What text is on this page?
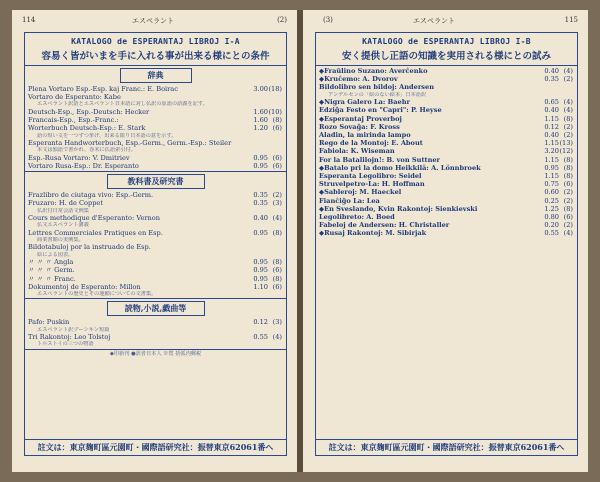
114	エスペラント	(2)
KATALOGO de ESPERANTAJ LIBROJ I-A
容易く皆がいまを手に入れる事が出来る様にとの条件
辞典
Plena Vortaro Esp.-Esp. kaj Franc.: E. Boirac	3.00 (18)
Vortaro de Esperanto: Kabe
エスペラント訳語とエスペラント日本語に対し仏訳の原語の語義を記す。
Deutsch-Esp., Esp.-Deutsch: Hecker	1.60 (10)
Francais-Esp., Esp.-Franc.:	1.60 (8)
Worterbuch Deutsch-Esp.: E. Stark	1.20 (6)
語の短い文を一つずつ挙げ、出来る限り日本語の意を示す。
Esperanta Handworterbuch, Esp.-Germ., Germ.-Esp.: Steiler
本文は独語で書かれ、巻末に仏語索引付。
Esp.-Rusa Vortaro: V. Dmitriev	0.95 (6)
Vortaro Rusa-Esp.: Dr. Esperanto	0.95 (6)
教科書及研究書
Frazlibro de ciutaga vivo: Esp.-Germ.	0.35 (2)
Fruzaro: H. de Coppet	0.35 (3)
仏訳付日常会話文例集
Cours methodique d'Esperanto: Vernon	0.40 (4)
仏文エスペラント講義
Lettres Commerciales Pratiques en Esp.	0.95 (8)
商業書簡の実例集。
Bildotabuloj por la instruado de Esp.
絵による図表。
〃 〃 〃 Angla	0.95 (8)
〃 〃 〃 Germ.	0.95 (6)
〃 〃 〃 Franc.	0.95 (8)
Dokumentoj de Esperanto: Millon	1.10 (6)
エスペラントの歴史とその運動についての文書集。
読物,小説,戯曲等
Pafo: Puskin	0.12 (3)
エスペラント訳プーシキン短篇
Tri Rakontoj: Leo Tolstoj	0.55 (4)
トルストイの三つの物語
◆印新刊 ●訳者日本人 ※賞 括弧内郵税
註文は：東京麹町區元園町・國際語研究社：振替東京62061番へ
(3)	エスペラント	115
KATALOGO de ESPERANTAJ LIBROJ I-B
安く提供し正語の知識を実用される様にとの試み
◆Fraŭlino Suzano: Averĉenko	0.40 (4)
◆Kruĉemo: A. Dvorov	0.35 (2)
Bildolibro sen bildoj: Andersen
アンデルセンの「絵のない絵本」日本語訳
◆Nigra Galero La: Baehr	0.65 (4)
Edziĝa Festo en "Capri": P. Heyse	0.40 (4)
◆Esperantaj Proverboj	1.15 (8)
Rozo Sovaĝa: F. Kross	0.12 (2)
Aladin, la mirinda lampo	0.40 (2)
Rego de la Montoj: E. About	1.15 (13)
Fabiola: K. Wiseman	3.20 (12)
For la Batalilojn!: B. von Suttner	1.15 (8)
◆Batalo pri la domo Heikkilä: A. Lönnbroek	0.95 (8)
Esperanta Legolibro: Seidel	1.15 (8)
Struvelpetro-La: H. Hoffman	0.75 (6)
◆Sableroj: M. Haeckel	0.60 (2)
Fianĉiĝo La: Lea	0.25 (2)
◆En Sveslando, Kvin Rakontoj: Sienkievski	1.25 (8)
Legolibreto: A. Boed	0.80 (6)
Fabeloj de Andersen: H. Christaller	0.20 (2)
◆Rusaj Rakontoj: M. Sibirjak	0.55 (4)
註文は：東京麹町區元園町・國際語研究社：振替東京62061番へ
